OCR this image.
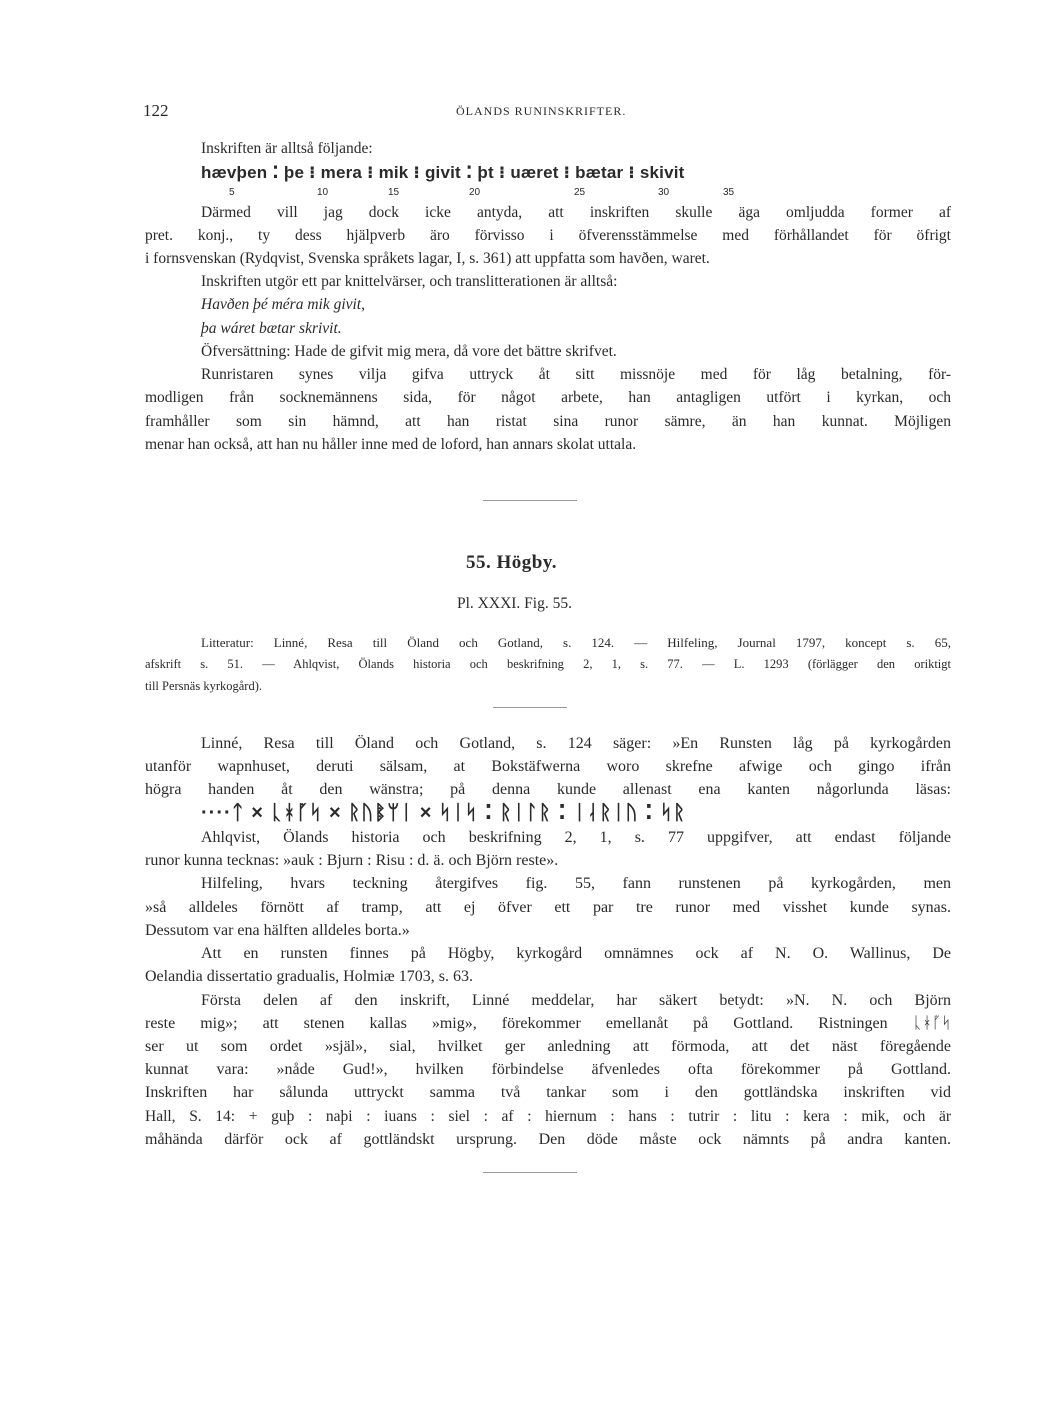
122	ÖLANDS RUNINSKRIFTER.
Inskriften är alltså följande:
hævþen ⁚ þe ⁝ mera ⁝ mik ⁝ givit ⁚ þt ⁝ uæret ⁝ bætar ⁝ skivit
5	10	15	20	25	30	35
Därmed vill jag dock icke antyda, att inskriften skulle äga omljudda former af
pret. konj., ty dess hjälpverb äro förvisso i öfverensstämmelse med förhållandet för öfrigt
i fornsvenskan (Rydqvist, Svenska språkets lagar, I, s. 361) att uppfatta som havðen, waret.
Inskriften utgör ett par knittelvärser, och translitterationen är alltså:
Havðen þé méra mik givit,
þa wáret bætar skrivit.
Öfversättning: Hade de gifvit mig mera, då vore det bättre skrifvet.
Runristaren synes vilja gifva uttryck åt sitt missnöje med för låg betalning, för-
modligen från socknemännens sida, för något arbete, han antagligen utfört i kyrkan, och
framhåller som sin hämnd, att han ristat sina runor sämre, än han kunnat. Möjligen
menar han också, att han nu håller inne med de loford, han annars skolat uttala.
55. Högby.
Pl. XXXI. Fig. 55.
Litteratur: Linné, Resa till Öland och Gotland, s. 124. — Hilfeling, Journal 1797, koncept s. 65,
afskrift s. 51. — Ahlqvist, Ölands historia och beskrifning 2, 1, s. 77. — L. 1293 (förlägger den oriktigt
till Persnäs kyrkogård).
Linné, Resa till Öland och Gotland, s. 124 säger: »En Runsten låg på kyrkogården
utanför wapnhuset, deruti sälsam, at Bokstäfwerna woro skrefne afwige och gingo ifrån
högra handen åt den wänstra; på denna kunde allenast ena kanten någorlunda läsas:
····ᛏ × ᚳᚼᚵᛋ × ᚱᚢᛔᛘᛁ × ᛋᛁᛋ ⁚ ᚱᛁᛚᚱ ⁚ ᛁᛆᚱᛁᚢ ⁚ ᛋᚱ
Ahlqvist, Ölands historia och beskrifning 2, 1, s. 77 uppgifver, att endast följande
runor kunna tecknas: »auk : Bjurn : Risu : d. ä. och Björn reste».
Hilfeling, hvars teckning återgifves fig. 55, fann runstenen på kyrkogården, men
»så alldeles förnött af tramp, att ej öfver ett par tre runor med visshet kunde synas.
Dessutom var ena hälften alldeles borta.»
Att en runsten finnes på Högby, kyrkogård omnämnes ock af N. O. Wallinus, De
Oelandia dissertatio gradualis, Holmiæ 1703, s. 63.
Första delen af den inskrift, Linné meddelar, har säkert betydt: »N. N. och Björn
reste mig»; att stenen kallas »mig», förekommer emellanåt på Gottland. Ristningen ᚳᚼᚵᛋ
ser ut som ordet »själ», sial, hvilket ger anledning att förmoda, att det näst föregående
kunnat vara: »nåde Gud!», hvilken förbindelse äfvenledes ofta förekommer på Gottland.
Inskriften har sålunda uttryckt samma två tankar som i den gottländska inskriften vid
Hall, S. 14: + guþ : naþi : iuans : siel : af : hiernum : hans : tutrir : litu : kera : mik, och är
måhända därför ock af gottländskt ursprung. Den döde måste ock nämnts på andra kanten.
